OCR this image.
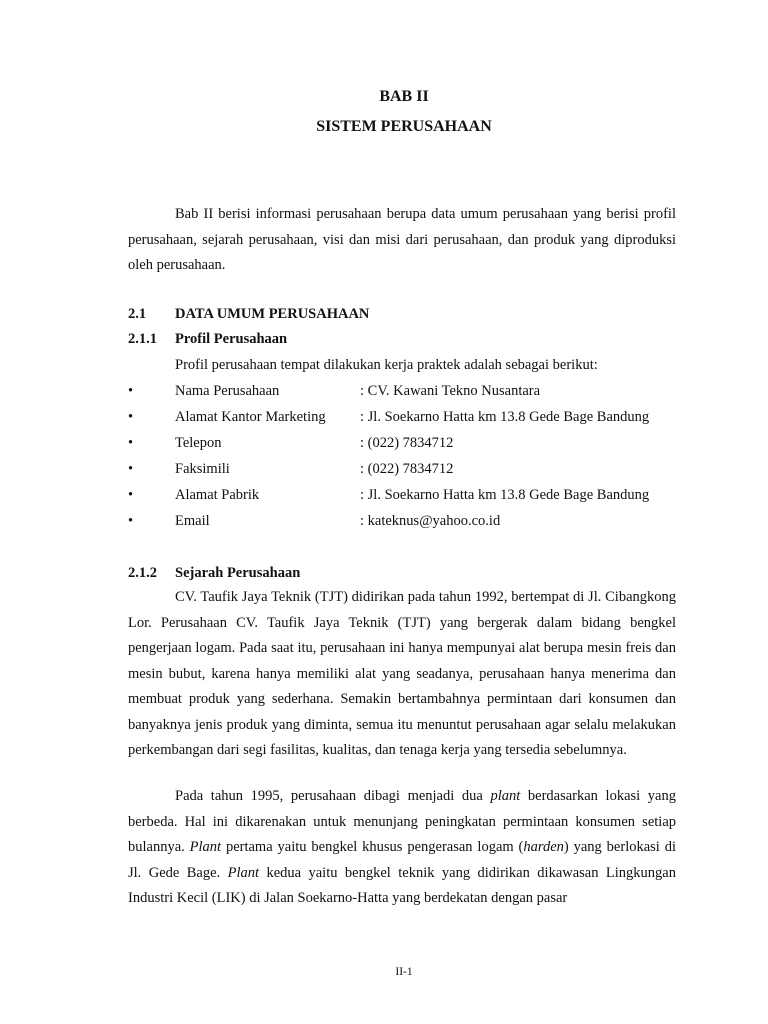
BAB II
SISTEM PERUSAHAAN

Bab II berisi informasi perusahaan berupa data umum perusahaan yang berisi profil perusahaan, sejarah perusahaan, visi dan misi dari perusahaan, dan produk yang diproduksi oleh perusahaan.

2.1 DATA UMUM PERUSAHAAN
2.1.1 Profil Perusahaan
Profil perusahaan tempat dilakukan kerja praktek adalah sebagai berikut:
•	Nama Perusahaan	: CV. Kawani Tekno Nusantara
•	Alamat Kantor Marketing : Jl. Soekarno Hatta km 13.8 Gede Bage Bandung
•	Telepon	: (022) 7834712
•	Faksimili	: (022) 7834712
•	Alamat Pabrik	: Jl. Soekarno Hatta km 13.8 Gede Bage Bandung
•	Email	: kateknus@yahoo.co.id
2.1.2 Sejarah Perusahaan

CV. Taufik Jaya Teknik (TJT) didirikan pada tahun 1992, bertempat di Jl. Cibangkong Lor. Perusahaan CV. Taufik Jaya Teknik (TJT) yang bergerak dalam bidang bengkel pengerjaan logam. Pada saat itu, perusahaan ini hanya mempunyai alat berupa mesin freis dan mesin bubut, karena hanya memiliki alat yang seadanya, perusahaan hanya menerima dan membuat produk yang sederhana. Semakin bertambahnya permintaan dari konsumen dan banyaknya jenis produk yang diminta, semua itu menuntut perusahaan agar selalu melakukan perkembangan dari segi fasilitas, kualitas, dan tenaga kerja yang tersedia sebelumnya.

Pada tahun 1995, perusahaan dibagi menjadi dua plant berdasarkan lokasi yang berbeda. Hal ini dikarenakan untuk menunjang peningkatan permintaan konsumen setiap bulannya. Plant pertama yaitu bengkel khusus pengerasan logam (harden) yang berlokasi di Jl. Gede Bage. Plant kedua yaitu bengkel teknik yang didirikan dikawasan Lingkungan Industri Kecil (LIK) di Jalan Soekarno-Hatta yang berdekatan dengan pasar

II-1
